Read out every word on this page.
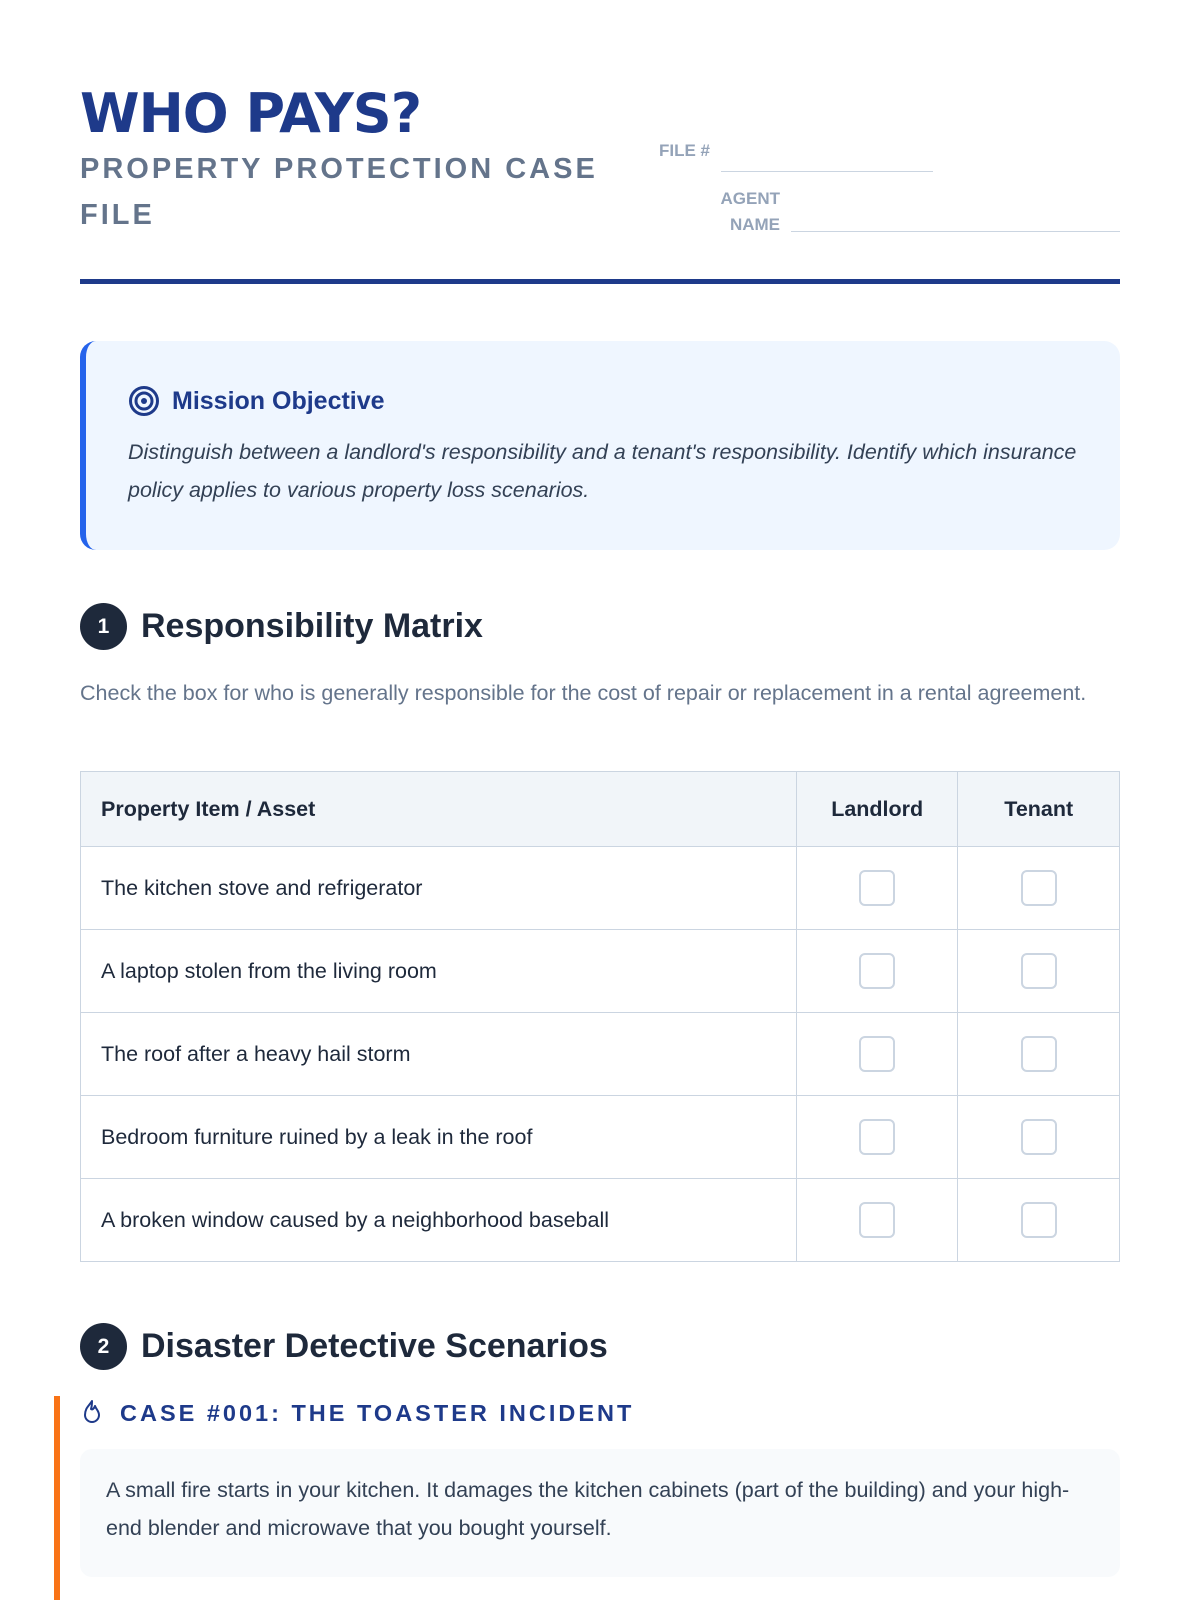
WHO PAYS?
PROPERTY PROTECTION CASE FILE
FILE #
AGENT
NAME
Mission Objective
Distinguish between a landlord's responsibility and a tenant's responsibility. Identify which insurance policy applies to various property loss scenarios.
1 Responsibility Matrix
Check the box for who is generally responsible for the cost of repair or replacement in a rental agreement.
Property Item / Asset	Landlord	Tenant
The kitchen stove and refrigerator		
A laptop stolen from the living room		
The roof after a heavy hail storm		
Bedroom furniture ruined by a leak in the roof		
A broken window caused by a neighborhood baseball		
2 Disaster Detective Scenarios
CASE #001: THE TOASTER INCIDENT
A small fire starts in your kitchen. It damages the kitchen cabinets (part of the building) and your high-end blender and microwave that you bought yourself.
